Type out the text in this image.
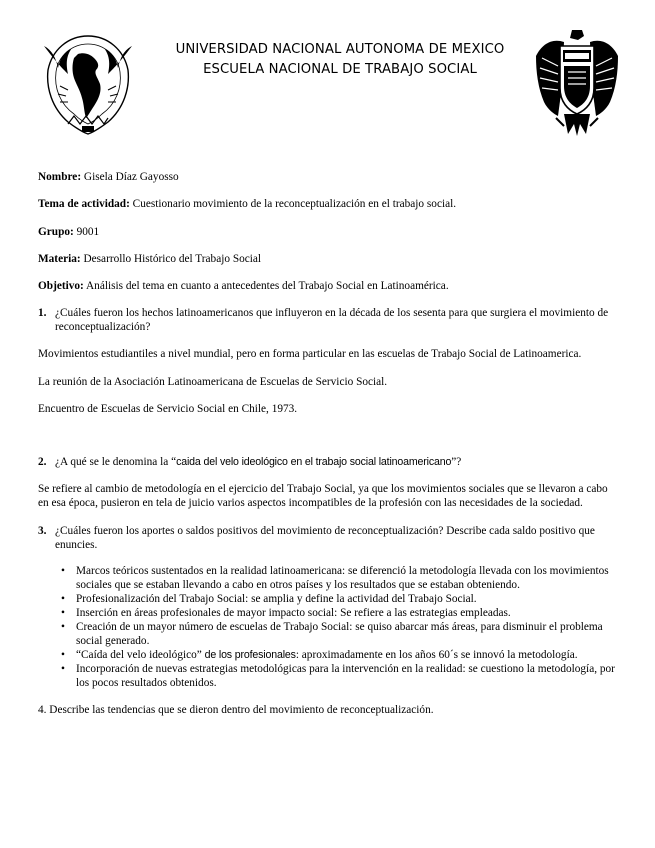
UNIVERSIDAD NACIONAL AUTONOMA DE MEXICO
ESCUELA NACIONAL DE TRABAJO SOCIAL
Nombre: Gisela Díaz Gayosso
Tema de actividad: Cuestionario movimiento de la reconceptualización en el trabajo social.
Grupo: 9001
Materia: Desarrollo Histórico del Trabajo Social
Objetivo: Análisis del tema en cuanto a antecedentes del Trabajo Social en Latinoamérica.
1. ¿Cuáles fueron los hechos latinoamericanos que influyeron en la década de los sesenta para que surgiera el movimiento de reconceptualización?
Movimientos estudiantiles a nivel mundial, pero en forma particular en las escuelas de Trabajo Social de Latinoamerica.
La reunión de la Asociación Latinoamericana de Escuelas de Servicio Social.
Encuentro de Escuelas de Servicio Social en Chile, 1973.
2. ¿A qué se le denomina la “caida del velo ideológico en el trabajo social latinoamericano”?
Se refiere al cambio de metodología en el ejercicio del Trabajo Social, ya que los movimientos sociales que se llevaron a cabo en esa época, pusieron en tela de juicio varios aspectos incompatibles de la profesión con las necesidades de la sociedad.
3. ¿Cuáles fueron los aportes o saldos positivos del movimiento de reconceptualización? Describe cada saldo positivo que enuncies.
• Marcos teóricos sustentados en la realidad latinoamericana: se diferenció la metodología llevada con los movimientos sociales que se estaban llevando a cabo en otros países y los resultados que se estaban obteniendo.
• Profesionalización del Trabajo Social: se amplia y define la actividad del Trabajo Social.
• Inserción en áreas profesionales de mayor impacto social: Se refiere a las estrategias empleadas.
• Creación de un mayor número de escuelas de Trabajo Social: se quiso abarcar más áreas, para disminuir el problema social generado.
• “Caída del velo ideológico” de los profesionales: aproximadamente en los años 60´s se innovó la metodología.
• Incorporación de nuevas estrategias metodológicas para la intervención en la realidad: se cuestiono la metodología, por los pocos resultados obtenidos.
4. Describe las tendencias que se dieron dentro del movimiento de reconceptualización.
